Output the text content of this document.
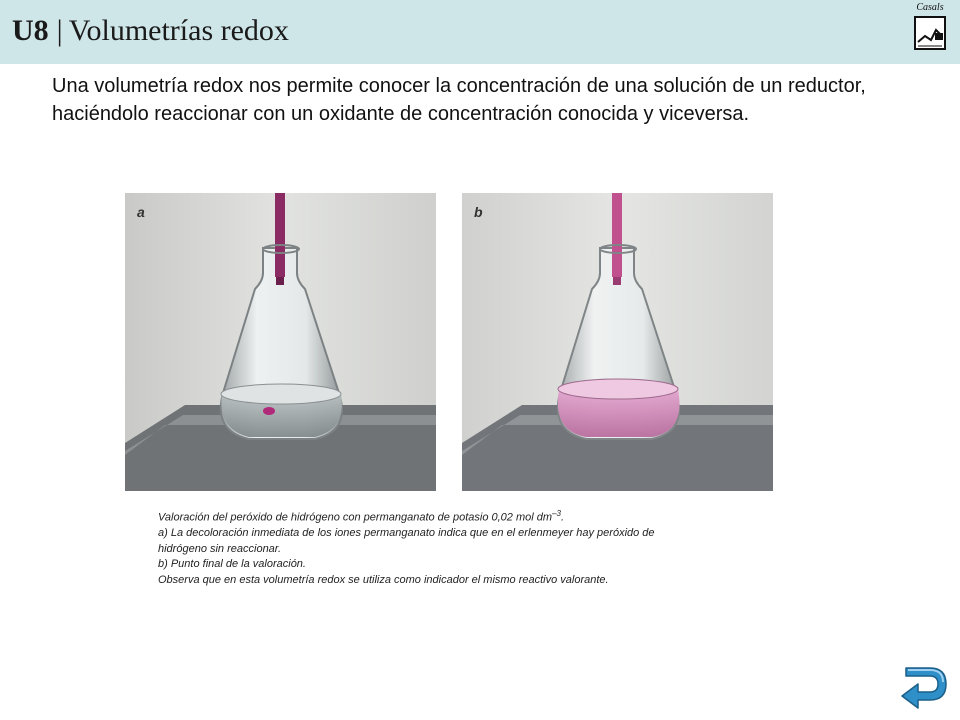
U8 | Volumetrías redox
Casals
Una volumetría redox nos permite conocer la concentración de una solución de un reductor, haciéndolo reaccionar con un oxidante de concentración conocida y viceversa.
a	b
Valoración del peróxido de hidrógeno con permanganato de potasio 0,02 mol $dm^{-3}$.
a) La decoloración inmediata de los iones permanganato indica que en el erlenmeyer hay peróxido de
hidrógeno sin reaccionar.
b) Punto final de la valoración.
Observa que en esta volumetría redox se utiliza como indicador el mismo reactivo valorante.
